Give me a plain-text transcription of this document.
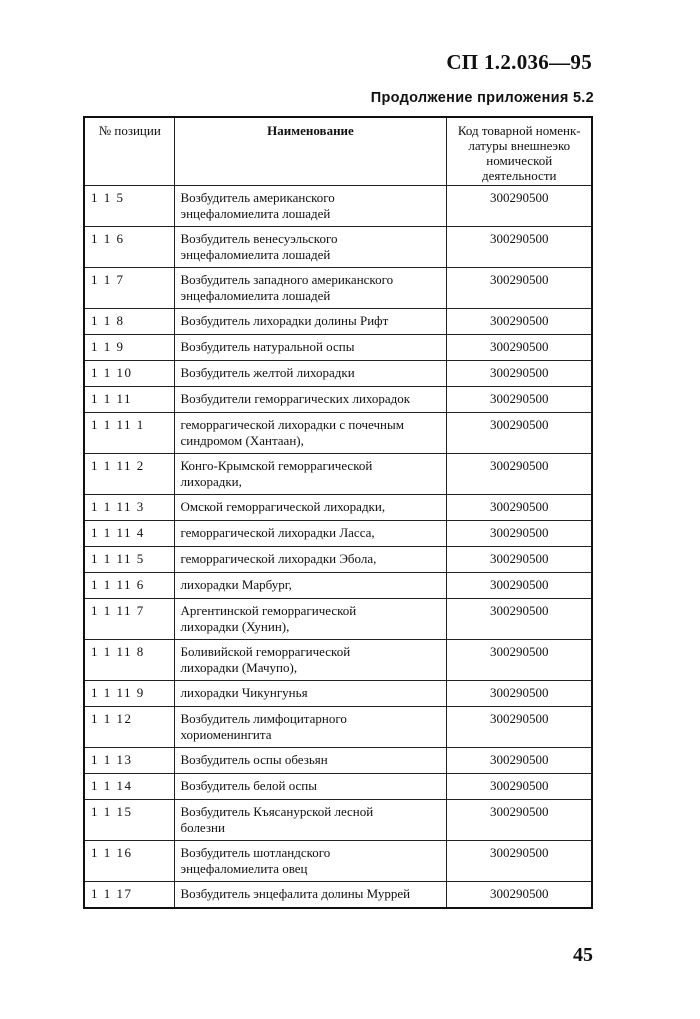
СП 1.2.036—95
Продолжение приложения 5.2
№ позиции	Наименование	Код товарной номенк-
латуры внешнеэко
номической
деятельности
1 1 5	Возбудитель американского
энцефаломиелита лошадей	300290500
1 1 6	Возбудитель венесуэльского
энцефаломиелита лошадей	300290500
1 1 7	Возбудитель западного американского
энцефаломиелита лошадей	300290500
1 1 8	Возбудитель лихорадки долины Рифт	300290500
1 1 9	Возбудитель натуральной оспы	300290500
1 1 10	Возбудитель желтой лихорадки	300290500
1 1 11	Возбудители геморрагических лихорадок	300290500
1 1 11 1	геморрагической лихорадки с почечным
синдромом (Хантаан),	300290500
1 1 11 2	Конго-Крымской геморрагической
лихорадки,	300290500
1 1 11 3	Омской геморрагической лихорадки,	300290500
1 1 11 4	геморрагической лихорадки Ласса,	300290500
1 1 11 5	геморрагической лихорадки Эбола,	300290500
1 1 11 6	лихорадки Марбург,	300290500
1 1 11 7	Аргентинской геморрагической
лихорадки (Хунин),	300290500
1 1 11 8	Боливийской геморрагической
лихорадки (Мачупо),	300290500
1 1 11 9	лихорадки Чикунгунья	300290500
1 1 12	Возбудитель лимфоцитарного
хориоменингита	300290500
1 1 13	Возбудитель оспы обезьян	300290500
1 1 14	Возбудитель белой оспы	300290500
1 1 15	Возбудитель Къясанурской лесной
болезни	300290500
1 1 16	Возбудитель шотландского
энцефаломиелита овец	300290500
1 1 17	Возбудитель энцефалита долины Муррей	300290500
45
